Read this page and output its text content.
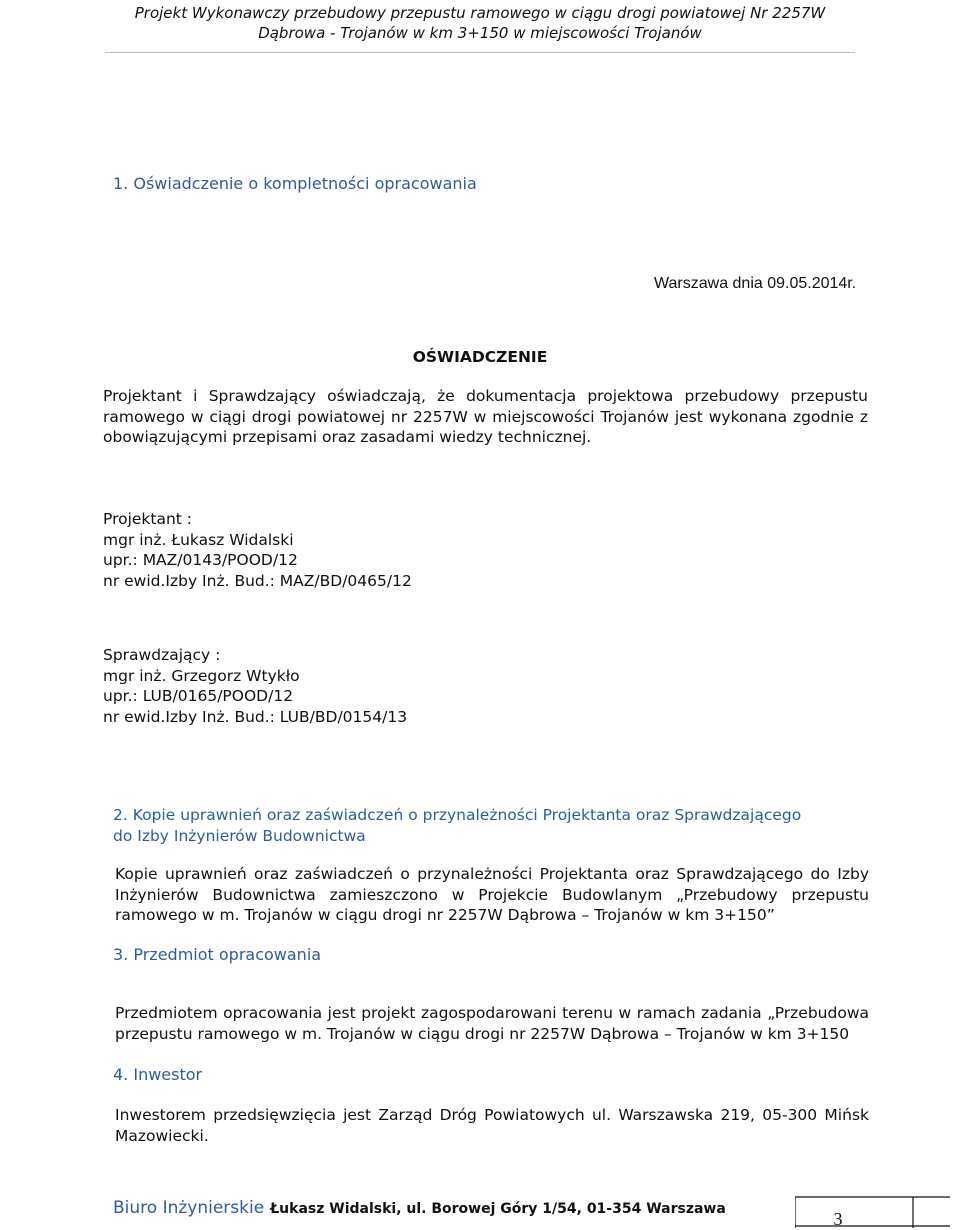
Projekt Wykonawczy przebudowy przepustu ramowego w ciągu drogi powiatowej Nr 2257W
Dąbrowa - Trojanów w km 3+150 w miejscowości Trojanów
1. Oświadczenie o kompletności opracowania
Warszawa dnia 09.05.2014r.
OŚWIADCZENIE
Projektant i Sprawdzający oświadczają, że dokumentacja projektowa przebudowy przepustu ramowego w ciągi drogi powiatowej nr 2257W w miejscowości Trojanów jest wykonana zgodnie z obowiązującymi przepisami oraz zasadami wiedzy technicznej.
Projektant :
mgr inż. Łukasz Widalski
upr.: MAZ/0143/POOD/12
nr ewid.Izby Inż. Bud.: MAZ/BD/0465/12
Sprawdzający :
mgr inż. Grzegorz Wtykło
upr.: LUB/0165/POOD/12
nr ewid.Izby Inż. Bud.: LUB/BD/0154/13
2. Kopie uprawnień oraz zaświadczeń o przynależności Projektanta oraz Sprawdzającego
do Izby Inżynierów Budownictwa
Kopie uprawnień oraz zaświadczeń o przynależności Projektanta oraz Sprawdzającego do Izby Inżynierów Budownictwa zamieszczono w Projekcie Budowlanym „Przebudowy przepustu ramowego w m. Trojanów w ciągu drogi nr 2257W Dąbrowa – Trojanów w km 3+150”
3. Przedmiot opracowania
Przedmiotem opracowania jest projekt zagospodarowani terenu w ramach zadania „Przebudowa przepustu ramowego w m. Trojanów w ciągu drogi nr 2257W Dąbrowa – Trojanów w km 3+150
4. Inwestor
Inwestorem przedsięwzięcia jest Zarząd Dróg Powiatowych ul. Warszawska 219, 05-300 Mińsk Mazowiecki.
Biuro Inżynierskie Łukasz Widalski, ul. Borowej Góry 1/54, 01-354 Warszawa	3
